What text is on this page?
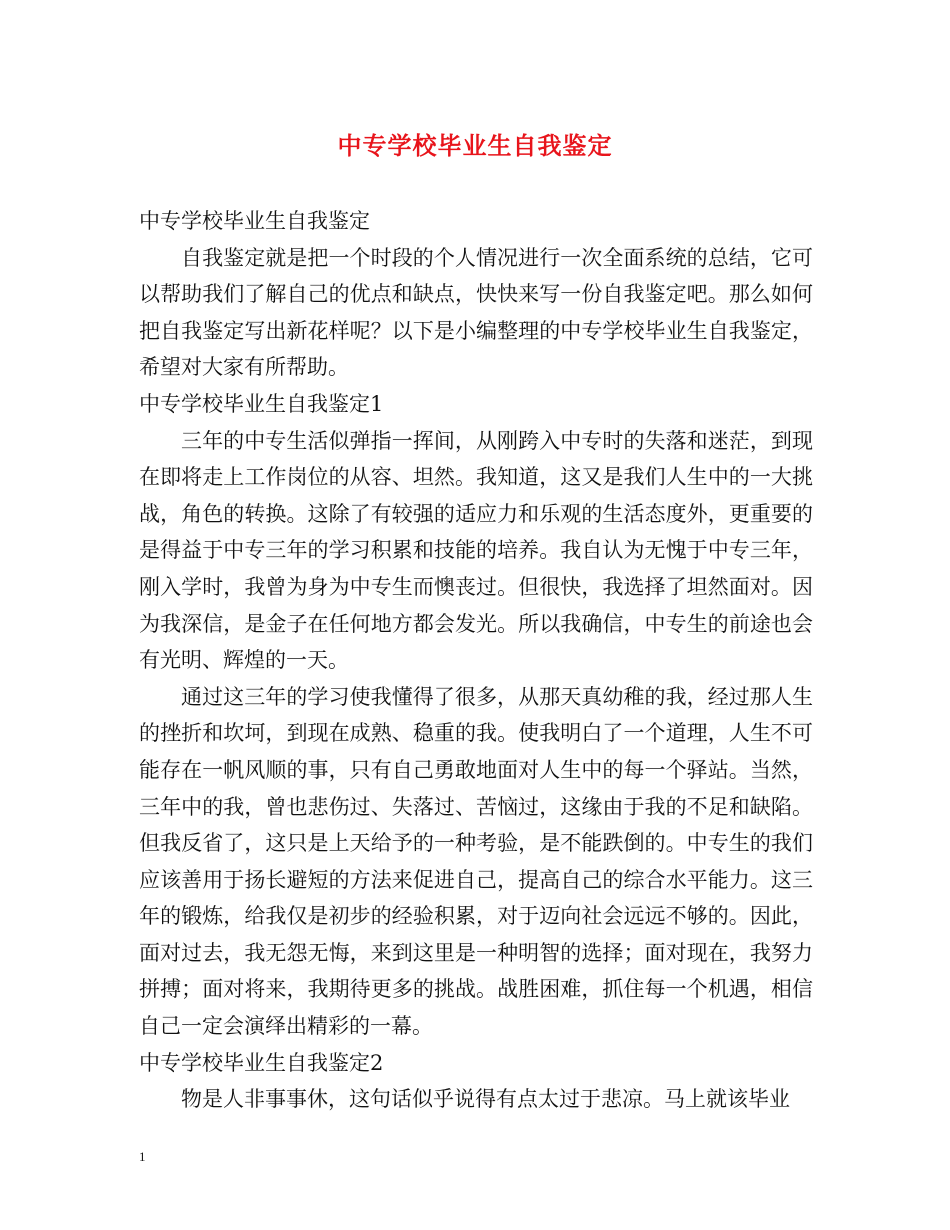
中专学校毕业生自我鉴定

中专学校毕业生自我鉴定

自我鉴定就是把一个时段的个人情况进行一次全面系统的总结，它可以帮助我们了解自己的优点和缺点，快快来写一份自我鉴定吧。那么如何把自我鉴定写出新花样呢？以下是小编整理的中专学校毕业生自我鉴定，希望对大家有所帮助。

中专学校毕业生自我鉴定1

三年的中专生活似弹指一挥间，从刚跨入中专时的失落和迷茫，到现在即将走上工作岗位的从容、坦然。我知道，这又是我们人生中的一大挑战，角色的转换。这除了有较强的适应力和乐观的生活态度外，更重要的是得益于中专三年的学习积累和技能的培养。我自认为无愧于中专三年，刚入学时，我曾为身为中专生而懊丧过。但很快，我选择了坦然面对。因为我深信，是金子在任何地方都会发光。所以我确信，中专生的前途也会有光明、辉煌的一天。

通过这三年的学习使我懂得了很多，从那天真幼稚的我，经过那人生的挫折和坎坷，到现在成熟、稳重的我。使我明白了一个道理，人生不可能存在一帆风顺的事，只有自己勇敢地面对人生中的每一个驿站。当然，三年中的我，曾也悲伤过、失落过、苦恼过，这缘由于我的不足和缺陷。但我反省了，这只是上天给予的一种考验，是不能跌倒的。中专生的我们应该善用于扬长避短的方法来促进自己，提高自己的综合水平能力。这三年的锻炼，给我仅是初步的经验积累，对于迈向社会远远不够的。因此，面对过去，我无怨无悔，来到这里是一种明智的选择；面对现在，我努力拼搏；面对将来，我期待更多的挑战。战胜困难，抓住每一个机遇，相信自己一定会演绎出精彩的一幕。

中专学校毕业生自我鉴定2

物是人非事事休，这句话似乎说得有点太过于悲凉。马上就该毕业

1
